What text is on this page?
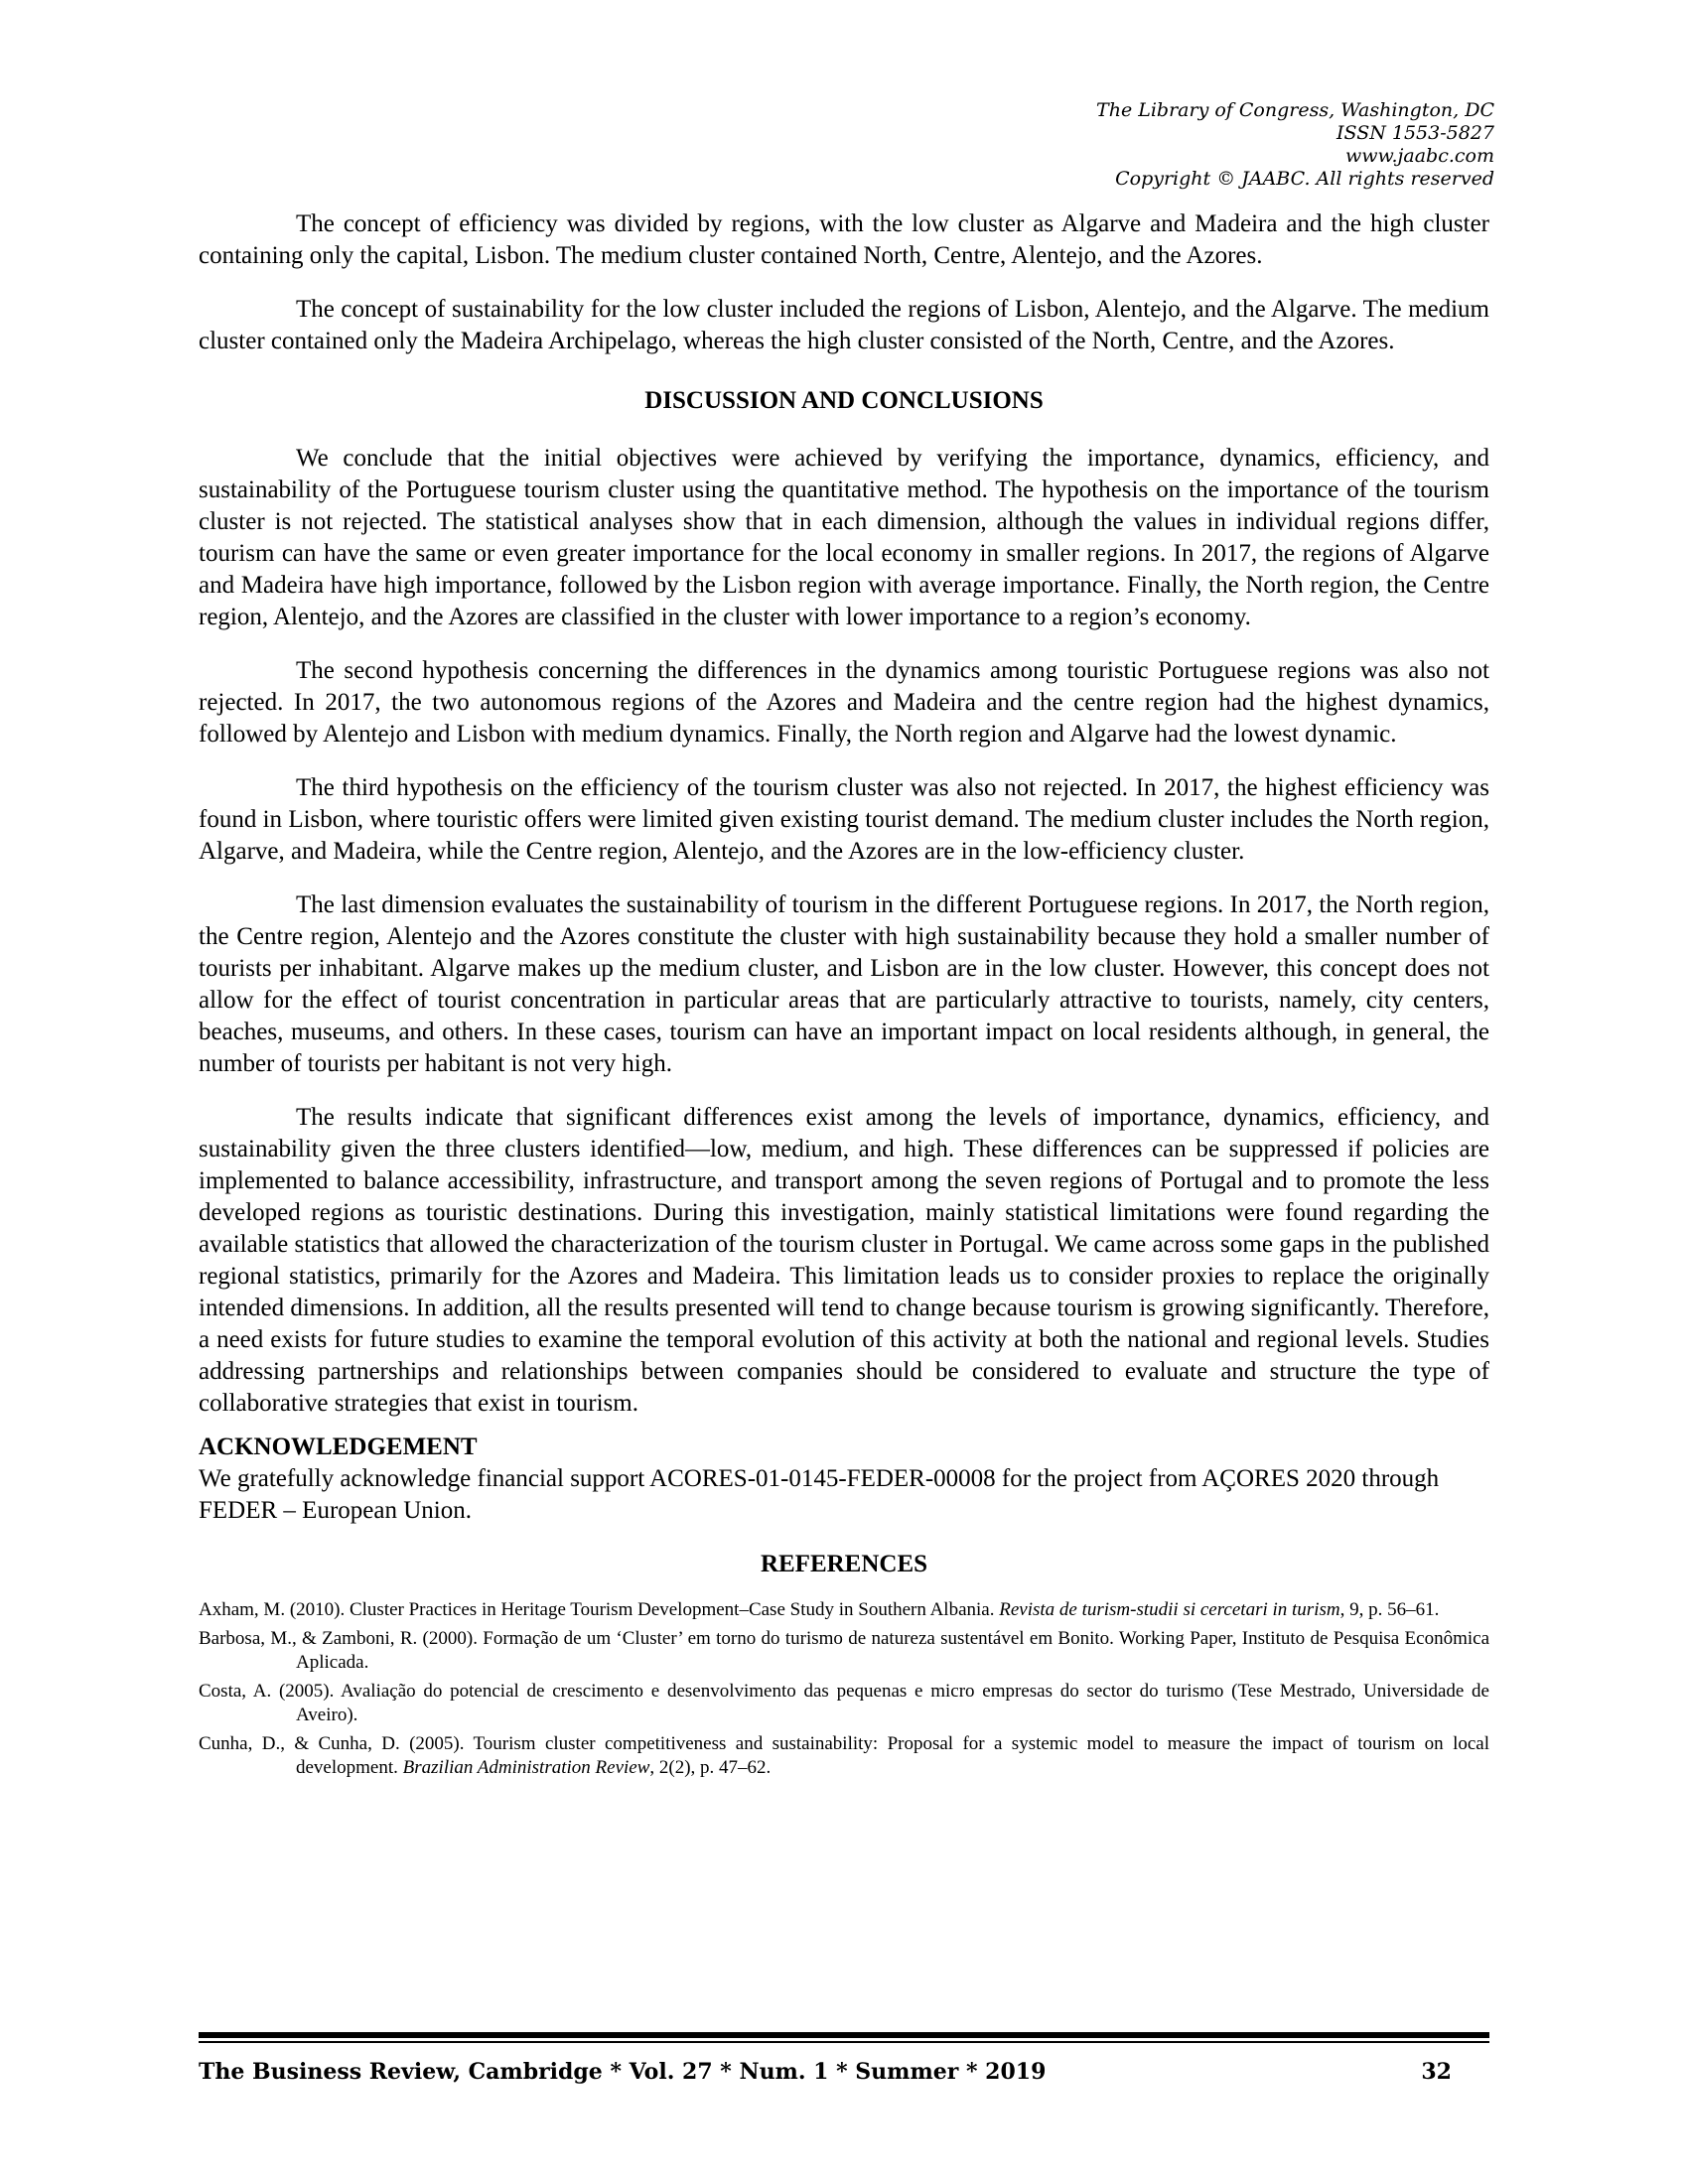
The Library of Congress, Washington, DC
ISSN 1553-5827
www.jaabc.com
Copyright © JAABC. All rights reserved

The concept of efficiency was divided by regions, with the low cluster as Algarve and Madeira and the high cluster containing only the capital, Lisbon. The medium cluster contained North, Centre, Alentejo, and the Azores.

The concept of sustainability for the low cluster included the regions of Lisbon, Alentejo, and the Algarve. The medium cluster contained only the Madeira Archipelago, whereas the high cluster consisted of the North, Centre, and the Azores.

DISCUSSION AND CONCLUSIONS

We conclude that the initial objectives were achieved by verifying the importance, dynamics, efficiency, and sustainability of the Portuguese tourism cluster using the quantitative method. The hypothesis on the importance of the tourism cluster is not rejected. The statistical analyses show that in each dimension, although the values in individual regions differ, tourism can have the same or even greater importance for the local economy in smaller regions. In 2017, the regions of Algarve and Madeira have high importance, followed by the Lisbon region with average importance. Finally, the North region, the Centre region, Alentejo, and the Azores are classified in the cluster with lower importance to a region’s economy.

The second hypothesis concerning the differences in the dynamics among touristic Portuguese regions was also not rejected. In 2017, the two autonomous regions of the Azores and Madeira and the centre region had the highest dynamics, followed by Alentejo and Lisbon with medium dynamics. Finally, the North region and Algarve had the lowest dynamic.

The third hypothesis on the efficiency of the tourism cluster was also not rejected. In 2017, the highest efficiency was found in Lisbon, where touristic offers were limited given existing tourist demand. The medium cluster includes the North region, Algarve, and Madeira, while the Centre region, Alentejo, and the Azores are in the low-efficiency cluster.

The last dimension evaluates the sustainability of tourism in the different Portuguese regions. In 2017, the North region, the Centre region, Alentejo and the Azores constitute the cluster with high sustainability because they hold a smaller number of tourists per inhabitant. Algarve makes up the medium cluster, and Lisbon are in the low cluster. However, this concept does not allow for the effect of tourist concentration in particular areas that are particularly attractive to tourists, namely, city centers, beaches, museums, and others. In these cases, tourism can have an important impact on local residents although, in general, the number of tourists per habitant is not very high.

The results indicate that significant differences exist among the levels of importance, dynamics, efficiency, and sustainability given the three clusters identified—low, medium, and high. These differences can be suppressed if policies are implemented to balance accessibility, infrastructure, and transport among the seven regions of Portugal and to promote the less developed regions as touristic destinations. During this investigation, mainly statistical limitations were found regarding the available statistics that allowed the characterization of the tourism cluster in Portugal. We came across some gaps in the published regional statistics, primarily for the Azores and Madeira. This limitation leads us to consider proxies to replace the originally intended dimensions. In addition, all the results presented will tend to change because tourism is growing significantly. Therefore, a need exists for future studies to examine the temporal evolution of this activity at both the national and regional levels. Studies addressing partnerships and relationships between companies should be considered to evaluate and structure the type of collaborative strategies that exist in tourism.

ACKNOWLEDGEMENT
We gratefully acknowledge financial support ACORES-01-0145-FEDER-00008 for the project from AÇORES 2020 through FEDER – European Union.
REFERENCES
Axham, M. (2010). Cluster Practices in Heritage Tourism Development–Case Study in Southern Albania. Revista de turism-studii si cercetari in turism, 9, p. 56–61.
Barbosa, M., & Zamboni, R. (2000). Formação de um ‘Cluster’ em torno do turismo de natureza sustentável em Bonito. Working Paper, Instituto de Pesquisa Econômica Aplicada.
Costa, A. (2005). Avaliação do potencial de crescimento e desenvolvimento das pequenas e micro empresas do sector do turismo (Tese Mestrado, Universidade de Aveiro).
Cunha, D., & Cunha, D. (2005). Tourism cluster competitiveness and sustainability: Proposal for a systemic model to measure the impact of tourism on local development. Brazilian Administration Review, 2(2), p. 47–62.
The Business Review, Cambridge * Vol. 27 * Num. 1 * Summer * 2019	32
